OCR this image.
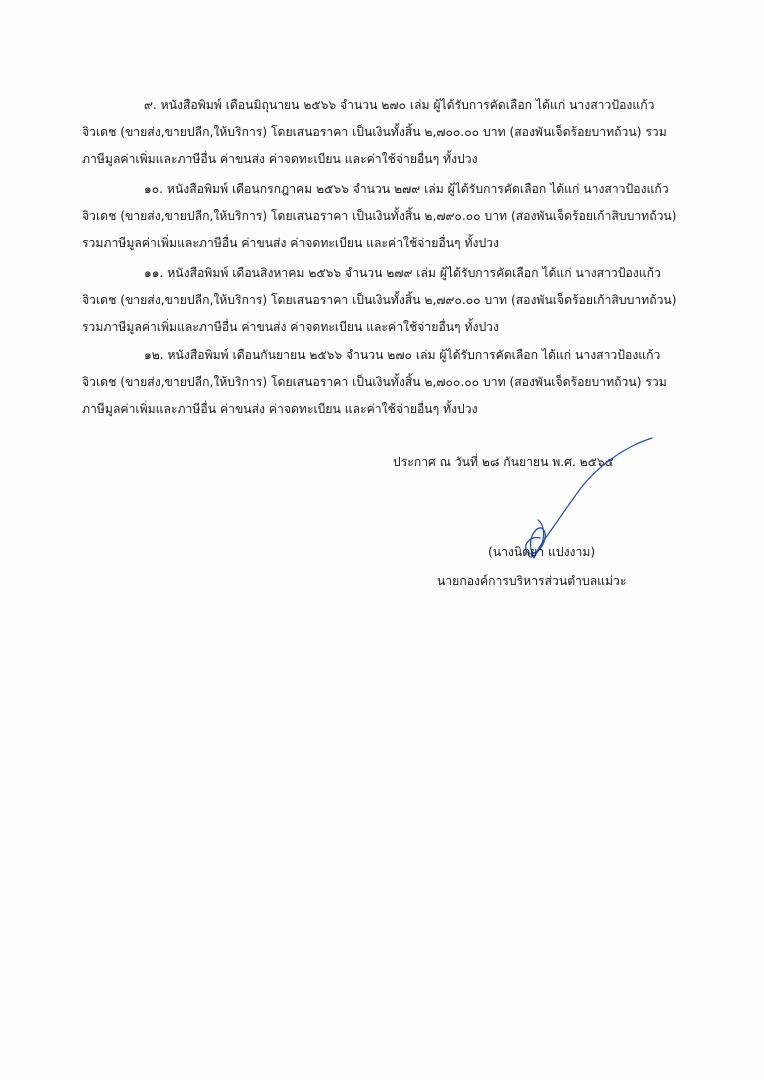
๙. หนังสือพิมพ์ เดือนมิถุนายน ๒๕๖๖ จำนวน ๒๗๐ เล่ม ผู้ได้รับการคัดเลือก ได้แก่ นางสาวป้องแก้ว
จิวเดช (ขายส่ง,ขายปลีก,ให้บริการ) โดยเสนอราคา เป็นเงินทั้งสิ้น ๒,๗๐๐.๐๐ บาท (สองพันเจ็ดร้อยบาทถ้วน) รวม
ภาษีมูลค่าเพิ่มและภาษีอื่น ค่าขนส่ง ค่าจดทะเบียน และค่าใช้จ่ายอื่นๆ ทั้งปวง

๑๐. หนังสือพิมพ์ เดือนกรกฎาคม ๒๕๖๖ จำนวน ๒๗๙ เล่ม ผู้ได้รับการคัดเลือก ได้แก่ นางสาวป้องแก้ว
จิวเดช (ขายส่ง,ขายปลีก,ให้บริการ) โดยเสนอราคา เป็นเงินทั้งสิ้น ๒,๗๙๐.๐๐ บาท (สองพันเจ็ดร้อยเก้าสิบบาทถ้วน)
รวมภาษีมูลค่าเพิ่มและภาษีอื่น ค่าขนส่ง ค่าจดทะเบียน และค่าใช้จ่ายอื่นๆ ทั้งปวง

๑๑. หนังสือพิมพ์ เดือนสิงหาคม ๒๕๖๖ จำนวน ๒๗๙ เล่ม ผู้ได้รับการคัดเลือก ได้แก่ นางสาวป้องแก้ว
จิวเดช (ขายส่ง,ขายปลีก,ให้บริการ) โดยเสนอราคา เป็นเงินทั้งสิ้น ๒,๗๙๐.๐๐ บาท (สองพันเจ็ดร้อยเก้าสิบบาทถ้วน)
รวมภาษีมูลค่าเพิ่มและภาษีอื่น ค่าขนส่ง ค่าจดทะเบียน และค่าใช้จ่ายอื่นๆ ทั้งปวง

๑๒. หนังสือพิมพ์ เดือนกันยายน ๒๕๖๖ จำนวน ๒๗๐ เล่ม ผู้ได้รับการคัดเลือก ได้แก่ นางสาวป้องแก้ว
จิวเดช (ขายส่ง,ขายปลีก,ให้บริการ) โดยเสนอราคา เป็นเงินทั้งสิ้น ๒,๗๐๐.๐๐ บาท (สองพันเจ็ดร้อยบาทถ้วน) รวม
ภาษีมูลค่าเพิ่มและภาษีอื่น ค่าขนส่ง ค่าจดทะเบียน และค่าใช้จ่ายอื่นๆ ทั้งปวง

ประกาศ ณ วันที่ ๒๘ กันยายน พ.ศ. ๒๕๖๕
(นางนิตยา แปงงาม)
นายกองค์การบริหารส่วนตำบลแม่วะ
